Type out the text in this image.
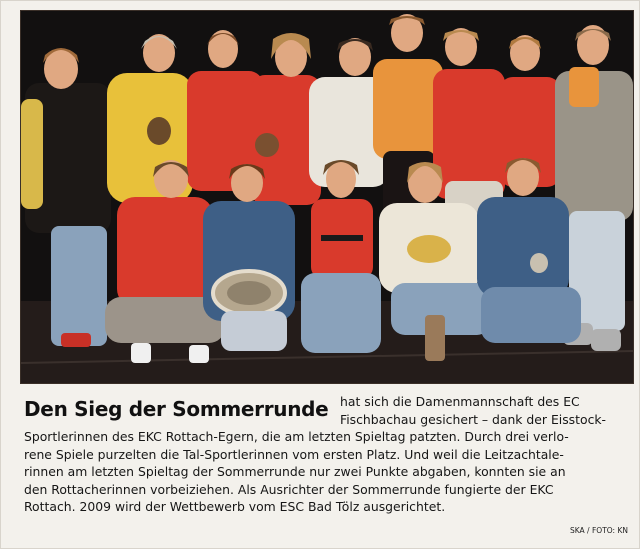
Den Sieg der Sommerrunde hat sich die Damenmannschaft des EC
Fischbachau gesichert – dank der Eisstock-
Sportlerinnen des EKC Rottach-Egern, die am letzten Spieltag patzten. Durch drei verlo-
rene Spiele purzelten die Tal-Sportlerinnen vom ersten Platz. Und weil die Leitzachtale-
rinnen am letzten Spieltag der Sommerrunde nur zwei Punkte abgaben, konnten sie an
den Rottacherinnen vorbeiziehen. Als Ausrichter der Sommerrunde fungierte der EKC
Rottach. 2009 wird der Wettbewerb vom ESC Bad Tölz ausgerichtet.
SKA / FOTO: KN
